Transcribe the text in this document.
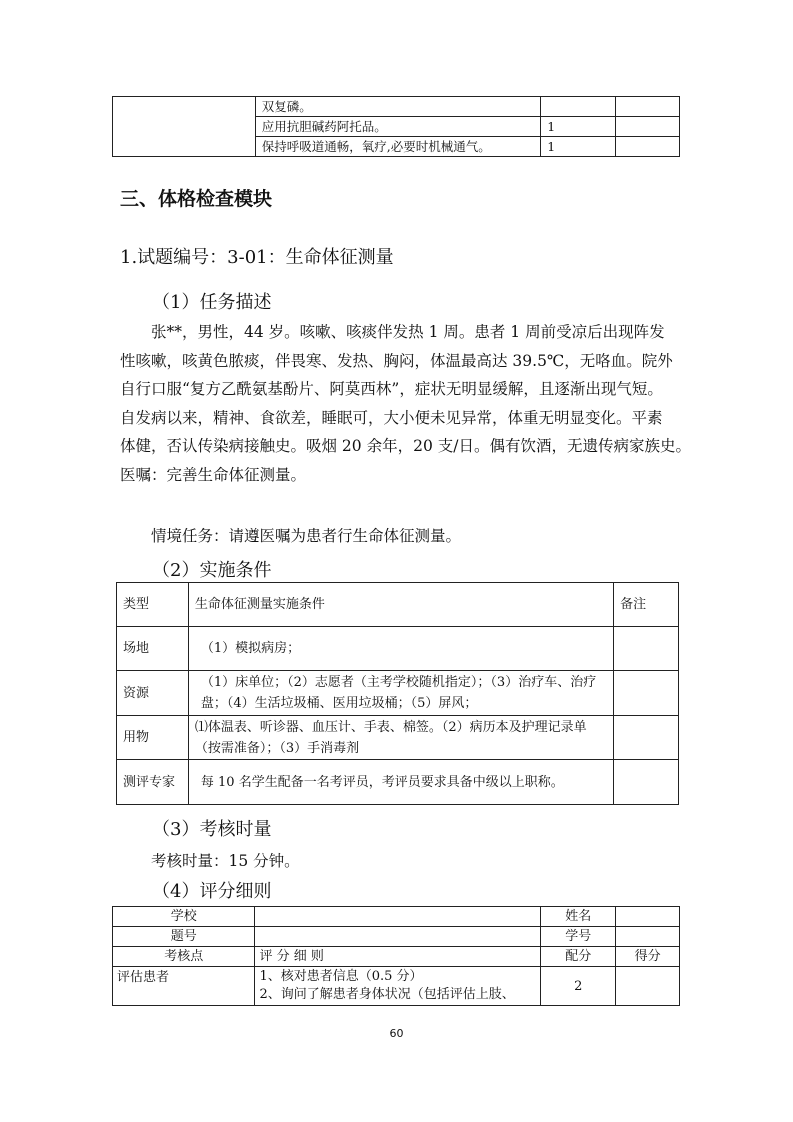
	双复磷。		
	应用抗胆碱药阿托品。	1	
	保持呼吸道通畅，氧疗,必要时机械通气。	1	
三、体格检查模块
1.试题编号：3-01：生命体征测量
（1）任务描述
张**，男性，44 岁。咳嗽、咳痰伴发热 1 周。患者 1 周前受凉后出现阵发
性咳嗽，咳黄色脓痰，伴畏寒、发热、胸闷，体温最高达 39.5℃，无咯血。院外
自行口服“复方乙酰氨基酚片、阿莫西林”，症状无明显缓解，且逐渐出现气短。
自发病以来，精神、食欲差，睡眠可，大小便未见异常，体重无明显变化。平素
体健，否认传染病接触史。吸烟 20 余年，20 支/日。偶有饮酒，无遗传病家族史。
医嘱：完善生命体征测量。
情境任务：请遵医嘱为患者行生命体征测量。
（2）实施条件
类型	生命体征测量实施条件	备注
场地	（1）模拟病房；	
资源	（1）床单位；（2）志愿者（主考学校随机指定）；（3）治疗车、治疗盘；（4）生活垃圾桶、医用垃圾桶；（5）屏风；	
用物	⑴体温表、听诊器、血压计、手表、棉签。（2）病历本及护理记录单（按需准备）；（3）手消毒剂	
测评专家	每 10 名学生配备一名考评员，考评员要求具备中级以上职称。	
（3）考核时量
考核时量：15 分钟。
（4）评分细则
学校		姓名	
题号		学号	
考核点	评 分 细 则	配分	得分
评估患者	1、核对患者信息（0.5 分）
2、询问了解患者身体状况（包括评估上肢、	2	
60
